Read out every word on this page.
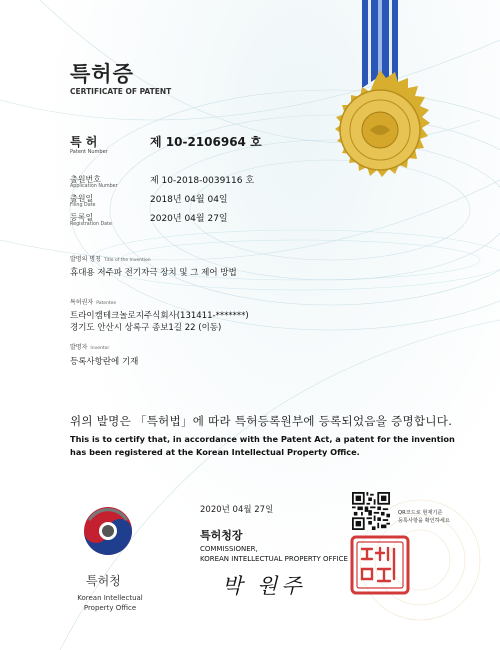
특허증
CERTIFICATE OF PATENT
특 허
Patent Number
제 10-2106964 호
출원번호
Application Number
제 10-2018-0039116 호
출원일
Filing Date
2018년 04월 04일
등록일
Registration Date
2020년 04월 27일
발명의 명칭 Title of the Invention
휴대용 저주파 전기자극 장치 및 그 제어 방법
특허권자 Patentee
트라이캠테크놀로지주식회사(131411-*******)
경기도 안산시 상록구 종보1길 22 (이동)
발명자 Inventor
등록사항란에 기재
위의 발명은 「특허법」에 따라 특허등록원부에 등록되었음을 증명합니다.
This is to certify that, in accordance with the Patent Act, a patent for the invention has been registered at the Korean Intellectual Property Office.
2020년 04월 27일	QR코드로 현재기준
등록사항을 확인하세요
특허청장
COMMISSIONER,
KOREAN INTELLECTUAL PROPERTY OFFICE
박 원주
특허청
Korean Intellectual
Property Office
